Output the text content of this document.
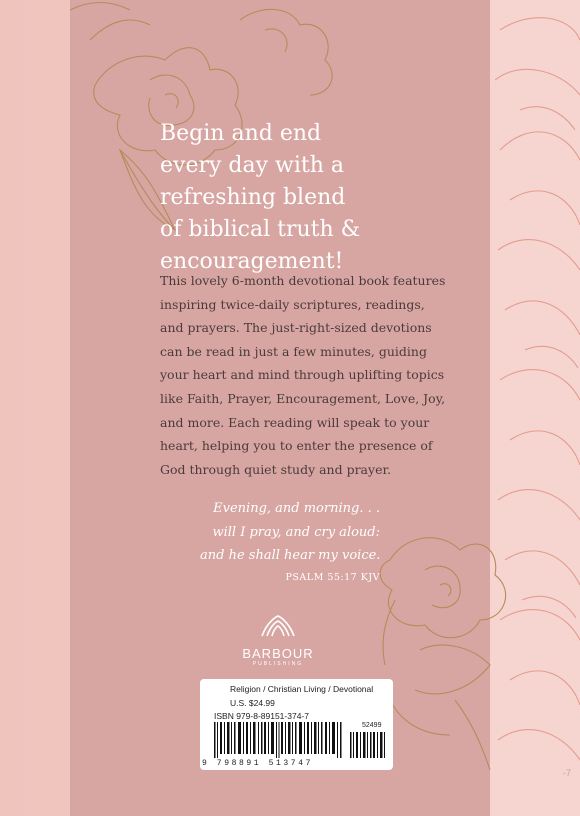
Begin and end
every day with a
refreshing blend
of biblical truth &
encouragement!

This lovely 6-month devotional book features
inspiring twice-daily scriptures, readings,
and prayers. The just-right-sized devotions
can be read in just a few minutes, guiding
your heart and mind through uplifting topics
like Faith, Prayer, Encouragement, Love, Joy,
and more. Each reading will speak to your
heart, helping you to enter the presence of
God through quiet study and prayer.

Evening, and morning. . .
will I pray, and cry aloud:
and he shall hear my voice.

PSALM 55:17 KJV
BARBOUR
PUBLISHING
Religion / Christian Living / Devotional
U.S. $24.99
ISBN 979-8-89151-374-7
52499
9 798891 513747
-7
